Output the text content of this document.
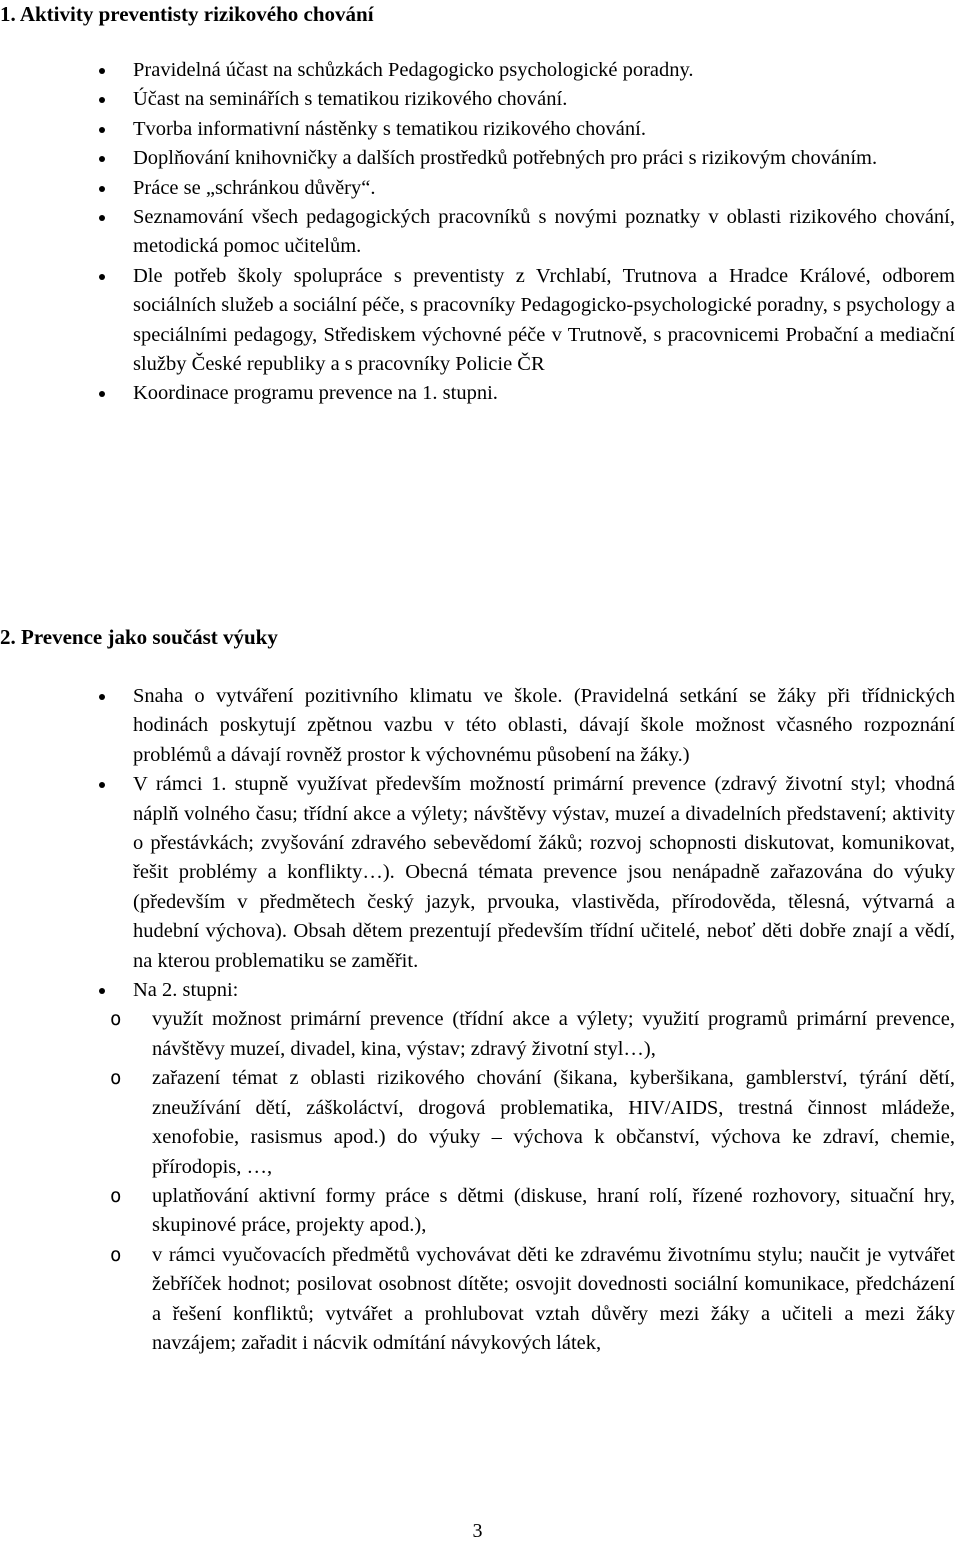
1. Aktivity preventisty rizikového chování
Pravidelná účast na schůzkách Pedagogicko psychologické poradny.
Účast na seminářích s tematikou rizikového chování.
Tvorba informativní nástěnky s tematikou rizikového chování.
Doplňování knihovničky a dalších prostředků potřebných pro práci s rizikovým chováním.
Práce se „schránkou důvěry“.
Seznamování všech pedagogických pracovníků s novými poznatky v oblasti rizikového chování, metodická pomoc učitelům.
Dle potřeb školy spolupráce s preventisty z Vrchlabí, Trutnova a Hradce Králové, odborem sociálních služeb a sociální péče, s pracovníky Pedagogicko-psychologické poradny, s psychology a speciálními pedagogy, Střediskem výchovné péče v Trutnově, s pracovnicemi Probační a mediační služby České republiky a s pracovníky Policie ČR
Koordinace programu prevence na 1. stupni.
2. Prevence jako součást výuky
Snaha o vytváření pozitivního klimatu ve škole. (Pravidelná setkání se žáky při třídnických hodinách poskytují zpětnou vazbu v této oblasti, dávají škole možnost včasného rozpoznání problémů a dávají rovněž prostor k výchovnému působení na žáky.)
V rámci 1. stupně využívat především možností primární prevence (zdravý životní styl; vhodná náplň volného času; třídní akce a výlety; návštěvy výstav, muzeí a divadelních představení; aktivity o přestávkách; zvyšování zdravého sebevědomí žáků; rozvoj schopnosti diskutovat, komunikovat, řešit problémy a konflikty…). Obecná témata prevence jsou nenápadně zařazována do výuky (především v předmětech český jazyk, prvouka, vlastivěda, přírodověda, tělesná, výtvarná a hudební výchova). Obsah dětem prezentují především třídní učitelé, neboť děti dobře znají a vědí, na kterou problematiku se zaměřit.
Na 2. stupni:
o využít možnost primární prevence (třídní akce a výlety; využití programů primární prevence, návštěvy muzeí, divadel, kina, výstav; zdravý životní styl…),
o zařazení témat z oblasti rizikového chování (šikana, kyberšikana, gamblerství, týrání dětí, zneužívání dětí, záškoláctví, drogová problematika, HIV/AIDS, trestná činnost mládeže, xenofobie, rasismus apod.) do výuky – výchova k občanství, výchova ke zdraví, chemie, přírodopis, …,
o uplatňování aktivní formy práce s dětmi (diskuse, hraní rolí, řízené rozhovory, situační hry, skupinové práce, projekty apod.),
o v rámci vyučovacích předmětů vychovávat děti ke zdravému životnímu stylu; naučit je vytvářet žebříček hodnot; posilovat osobnost dítěte; osvojit dovednosti sociální komunikace, předcházení a řešení konfliktů; vytvářet a prohlubovat vztah důvěry mezi žáky a učiteli a mezi žáky navzájem; zařadit i nácvik odmítání návykových látek,
3
